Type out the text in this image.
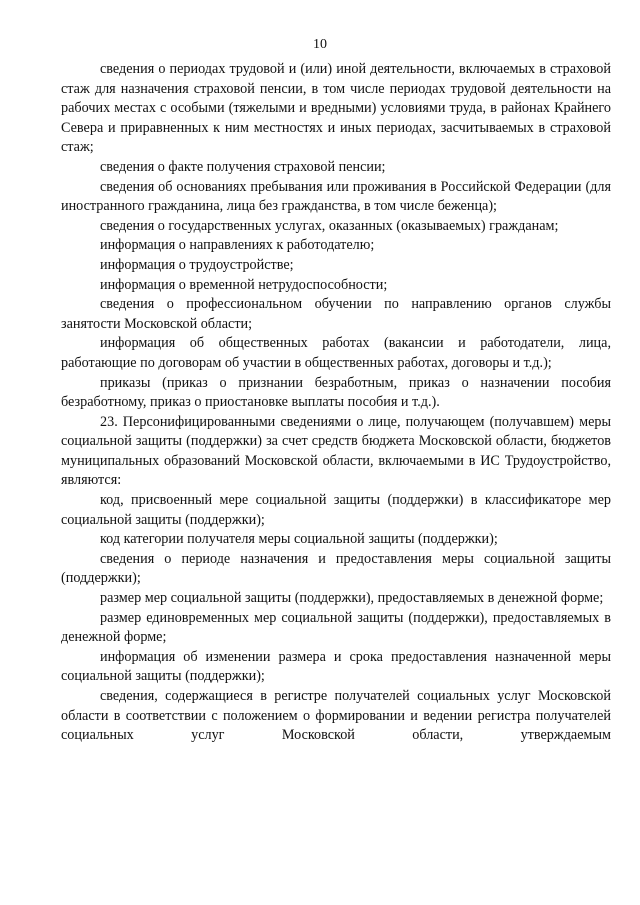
10

сведения о периодах трудовой и (или) иной деятельности, включаемых в страховой стаж для назначения страховой пенсии, в том числе периодах трудовой деятельности на рабочих местах с особыми (тяжелыми и вредными) условиями труда, в районах Крайнего Севера и приравненных к ним местностях и иных периодах, засчитываемых в страховой стаж;

сведения о факте получения страховой пенсии;

сведения об основаниях пребывания или проживания в Российской Федерации (для иностранного гражданина, лица без гражданства, в том числе беженца);

сведения о государственных услугах, оказанных (оказываемых) гражданам;

информация о направлениях к работодателю;

информация о трудоустройстве;

информация о временной нетрудоспособности;

сведения о профессиональном обучении по направлению органов службы занятости Московской области;

информация об общественных работах (вакансии и работодатели, лица, работающие по договорам об участии в общественных работах, договоры и т.д.);

приказы (приказ о признании безработным, приказ о назначении пособия безработному, приказ о приостановке выплаты пособия и т.д.).

23. Персонифицированными сведениями о лице, получающем (получавшем) меры социальной защиты (поддержки) за счет средств бюджета Московской области, бюджетов муниципальных образований Московской области, включаемыми в ИС Трудоустройство, являются:

код, присвоенный мере социальной защиты (поддержки) в классификаторе мер социальной защиты (поддержки);

код категории получателя меры социальной защиты (поддержки);

сведения о периоде назначения и предоставления меры социальной защиты (поддержки);

размер мер социальной защиты (поддержки), предоставляемых в денежной форме;

размер единовременных мер социальной защиты (поддержки), предоставляемых в денежной форме;

информация об изменении размера и срока предоставления назначенной меры социальной защиты (поддержки);

сведения, содержащиеся в регистре получателей социальных услуг Московской области в соответствии с положением о формировании и ведении регистра получателей социальных услуг Московской области, утверждаемым
